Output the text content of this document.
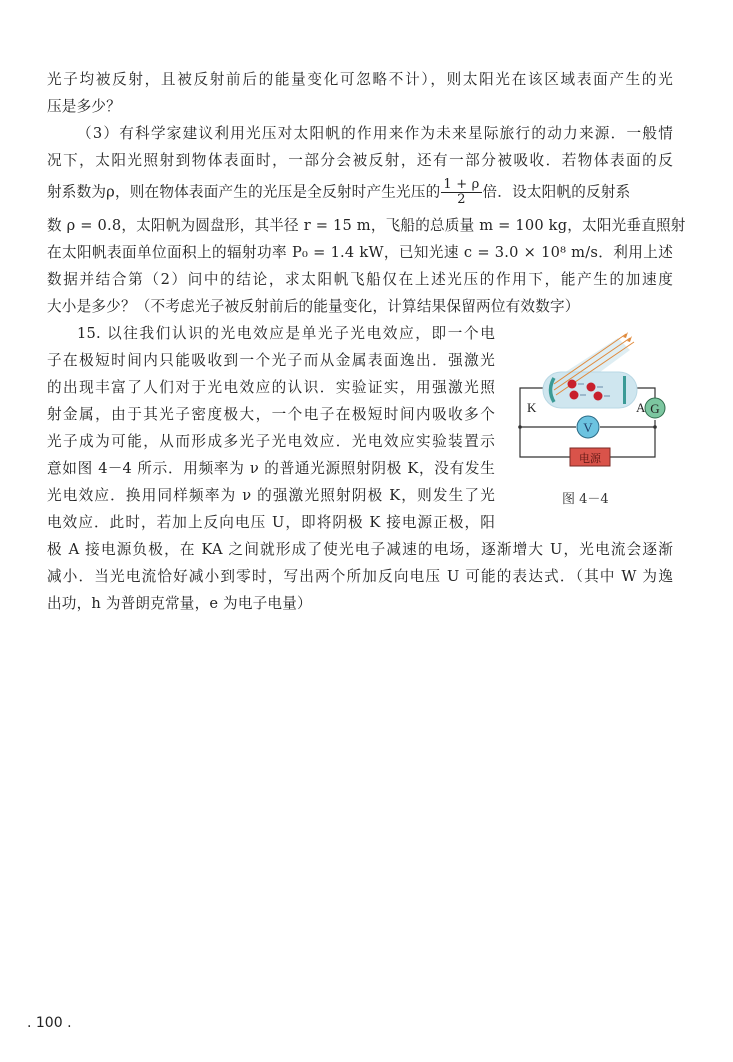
光子均被反射，且被反射前后的能量变化可忽略不计），则太阳光在该区域表面产生的光
压是多少？
（3）有科学家建议利用光压对太阳帆的作用来作为未来星际旅行的动力来源．一般情
况下，太阳光照射到物体表面时，一部分会被反射，还有一部分被吸收．若物体表面的反
射系数为ρ，则在物体表面产生的光压是全反射时产生光压的 $\frac{1 + \rho}{2}$ 倍．设太阳帆的反射系
数 ρ = 0.8，太阳帆为圆盘形，其半径 r = 15 m，飞船的总质量 m = 100 kg，太阳光垂直照射
在太阳帆表面单位面积上的辐射功率 P₀ = 1.4 kW，已知光速 c = 3.0 × 10⁸ m/s．利用上述
数据并结合第（2）问中的结论，求太阳帆飞船仅在上述光压的作用下，能产生的加速度
大小是多少？（不考虑光子被反射前后的能量变化，计算结果保留两位有效数字）
15. 以往我们认识的光电效应是单光子光电效应，即一个电
子在极短时间内只能吸收到一个光子而从金属表面逸出．强激光
的出现丰富了人们对于光电效应的认识．实验证实，用强激光照
射金属，由于其光子密度极大，一个电子在极短时间内吸收多个
光子成为可能，从而形成多光子光电效应．光电效应实验装置示
意如图 4－4 所示．用频率为 ν 的普通光源照射阴极 K，没有发生
光电效应．换用同样频率为 ν 的强激光照射阴极 K，则发生了光
电效应．此时，若加上反向电压 U，即将阴极 K 接电源正极，阳
极 A 接电源负极，在 KA 之间就形成了使光电子减速的电场，逐渐增大 U，光电流会逐渐
减小．当光电流恰好减小到零时，写出两个所加反向电压 U 可能的表达式．（其中 W 为逸
出功，h 为普朗克常量，e 为电子电量）
K	A G
V
电源
图 4－4
. 100 .
